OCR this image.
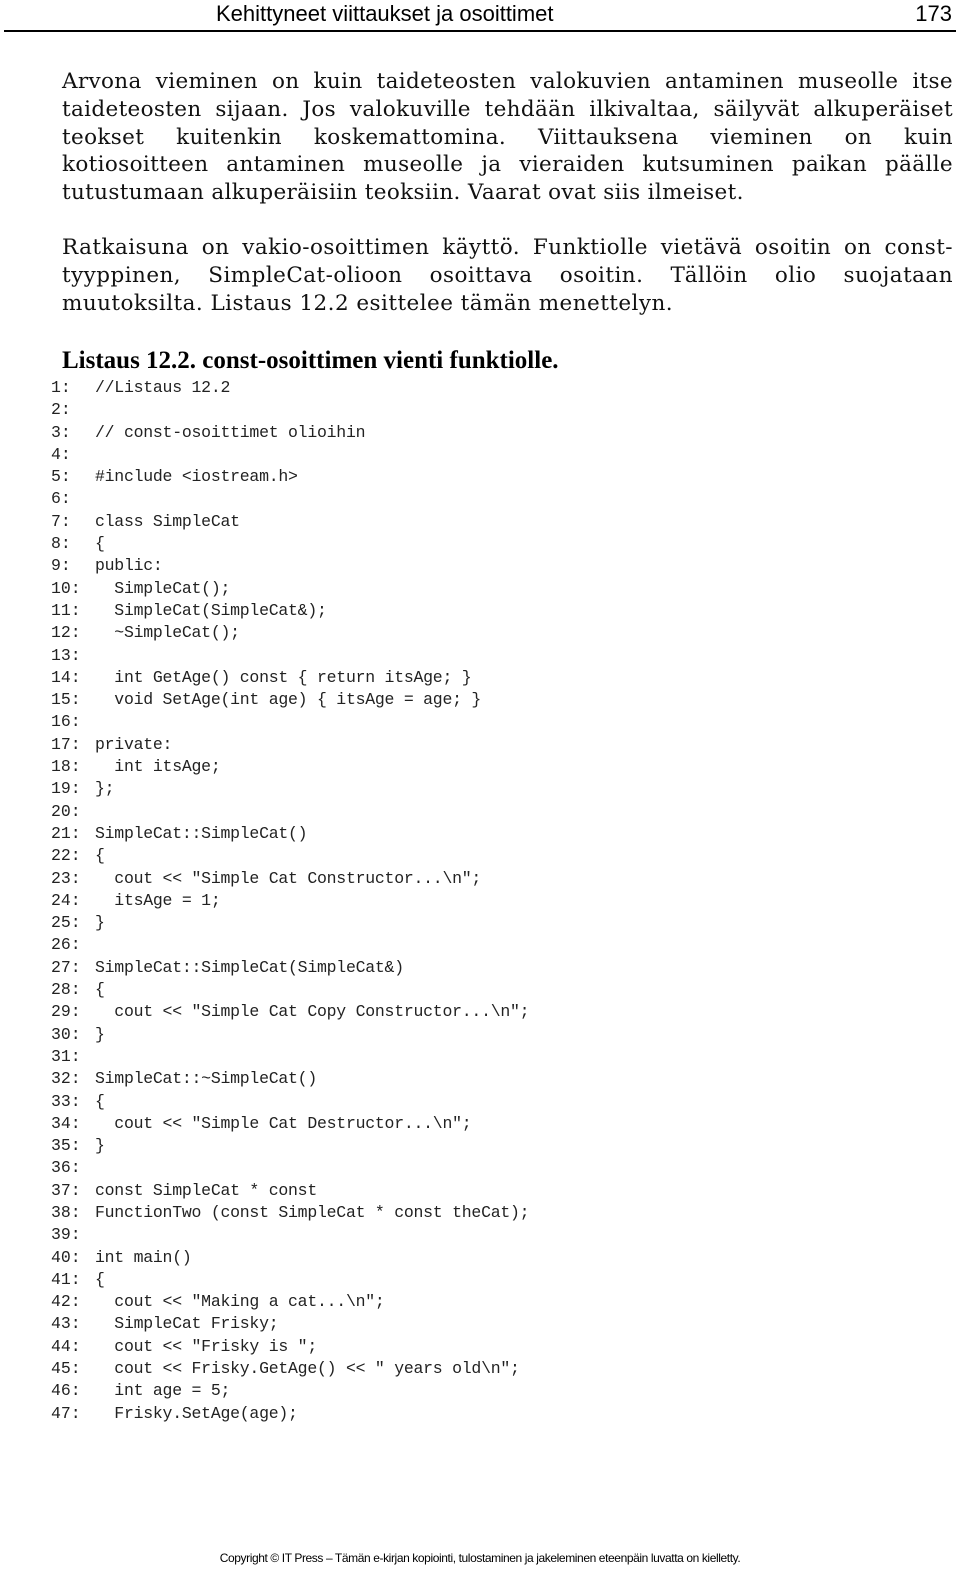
Kehittyneet viittaukset ja osoittimet	173

Arvona vieminen on kuin taideteosten valokuvien antaminen museolle itse taideteosten sijaan. Jos valokuville tehdään ilkivaltaa, säilyvät alkuperäiset teokset kuitenkin koskemattomina. Viittauksena vieminen on kuin kotiosoitteen antaminen museolle ja vieraiden kutsuminen paikan päälle tutustumaan alkuperäisiin teoksiin. Vaarat ovat siis ilmeiset.

Ratkaisuna on vakio-osoittimen käyttö. Funktiolle vietävä osoitin on const-tyyppinen, SimpleCat-olioon osoittava osoitin. Tällöin olio suojataan muutoksilta. Listaus 12.2 esittelee tämän menettelyn.

Listaus 12.2. const-osoittimen vienti funktiolle.
1:	//Listaus 12.2
2:
3:	// const-osoittimet olioihin
4:
5:	#include <iostream.h>
6:
7:	class SimpleCat
8:	{
9:	public:
10: SimpleCat();
11: SimpleCat(SimpleCat&);
12: ~SimpleCat();
13:
14: int GetAge() const { return itsAge; }
15: void SetAge(int age) { itsAge = age; }
16:
17: private:
18: int itsAge;
19: };
20:
21: SimpleCat::SimpleCat()
22: {
23: cout << "Simple Cat Constructor...\n";
24: itsAge = 1;
25: }
26:
27: SimpleCat::SimpleCat(SimpleCat&)
28: {
29: cout << "Simple Cat Copy Constructor...\n";
30: }
31:
32: SimpleCat::~SimpleCat()
33: {
34: cout << "Simple Cat Destructor...\n";
35: }
36:
37: const SimpleCat * const
38: FunctionTwo (const SimpleCat * const theCat);
39:
40: int main()
41: {
42: cout << "Making a cat...\n";
43: SimpleCat Frisky;
44: cout << "Frisky is ";
45: cout << Frisky.GetAge() << " years old\n";
46: int age = 5;
47: Frisky.SetAge(age);
Copyright © IT Press – Tämän e-kirjan kopiointi, tulostaminen ja jakeleminen eteenpäin luvatta on kielletty.
